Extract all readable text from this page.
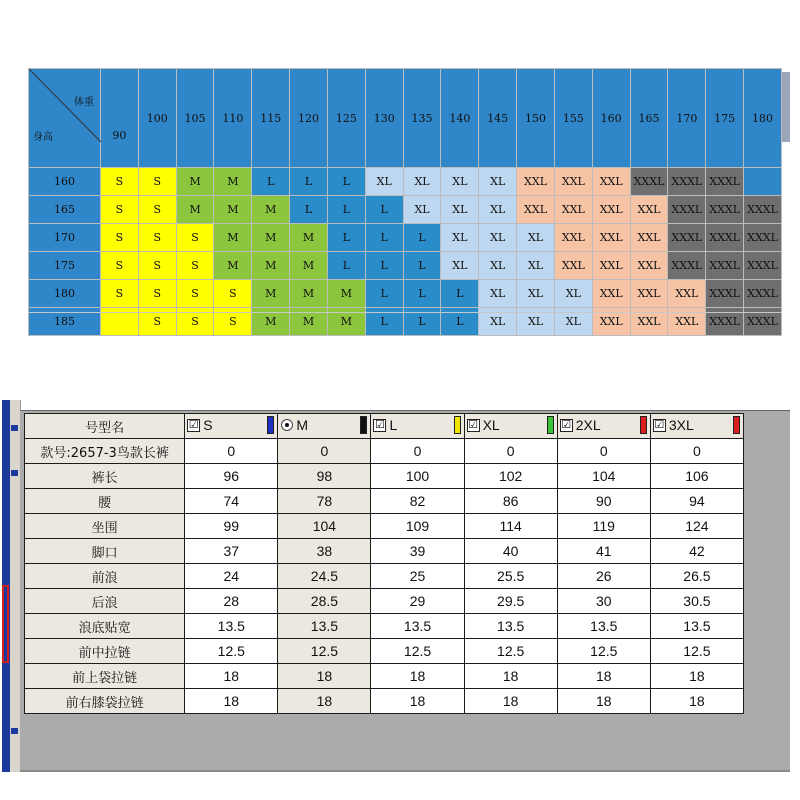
体重
身高	90	100	105	110	115	120	125	130	135	140	145	150	155	160	165	170	175	180
160	S	S	M	M	L	L	L	XL	XL	XL	XL	XXL	XXL	XXL	XXXL	XXXL	XXXL	
165	S	S	M	M	M	L	L	L	XL	XL	XL	XXL	XXL	XXL	XXL	XXXL	XXXL	XXXL
170	S	S	S	M	M	M	L	L	L	XL	XL	XL	XXL	XXL	XXL	XXXL	XXXL	XXXL
175	S	S	S	M	M	M	L	L	L	XL	XL	XL	XXL	XXL	XXL	XXXL	XXXL	XXXL
180	S	S	S	S	M	M	M	L	L	L	XL	XL	XL	XXL	XXL	XXL	XXXL	XXXL
185		S	S	S	M	M	M	L	L	L	XL	XL	XL	XXL	XXL	XXL	XXXL	XXXL
号型名	☑ S	M	☑ L	☑ XL	☑ 2XL	☑ 3XL

款号:2657-3鸟款长裤	0	0	0	0	0	0
裤长	96	98	100	102	104	106
腰	74	78	82	86	90	94
坐围	99	104	109	114	119	124
脚口	37	38	39	40	41	42
前浪	24	24.5	25	25.5	26	26.5
后浪	28	28.5	29	29.5	30	30.5
浪底贴宽	13.5	13.5	13.5	13.5	13.5	13.5
前中拉链	12.5	12.5	12.5	12.5	12.5	12.5
前上袋拉链	18	18	18	18	18	18
前右膝袋拉链	18	18	18	18	18	18
